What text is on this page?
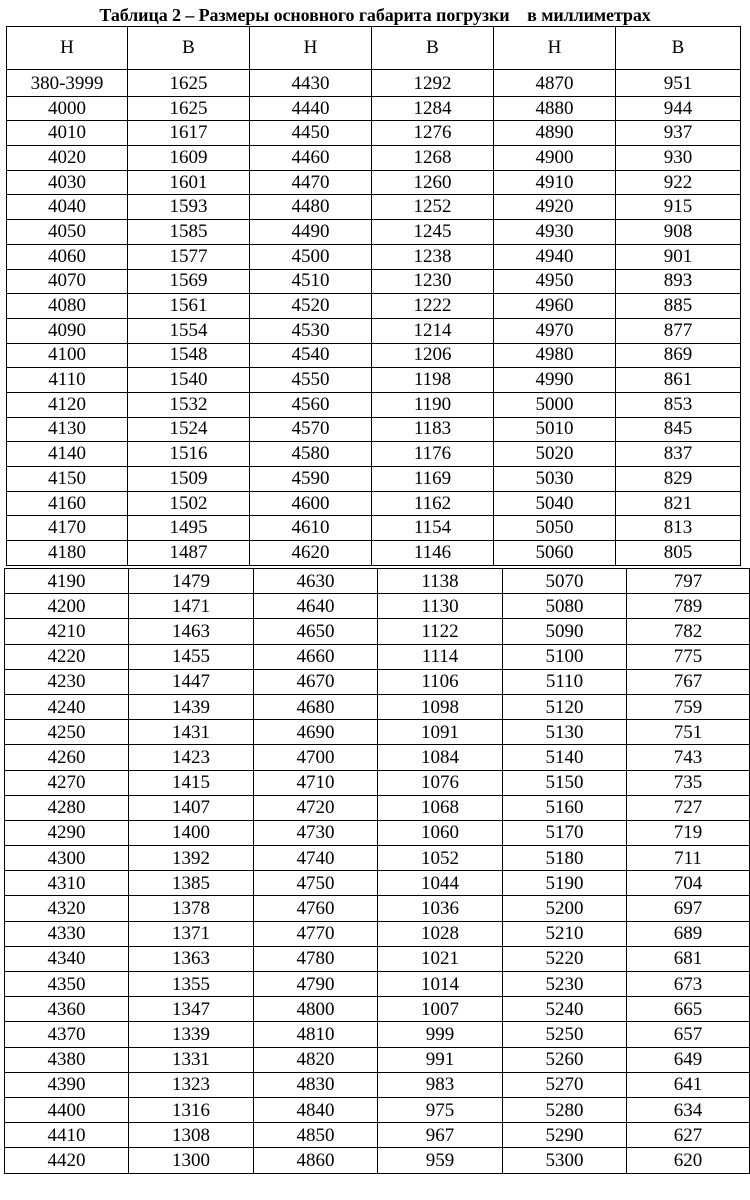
Таблица 2 – Размеры основного габарита погрузки в миллиметрах
Н	В	Н	В	Н	В
380-3999	1625	4430	1292	4870	951
4000	1625	4440	1284	4880	944
4010	1617	4450	1276	4890	937
4020	1609	4460	1268	4900	930
4030	1601	4470	1260	4910	922
4040	1593	4480	1252	4920	915
4050	1585	4490	1245	4930	908
4060	1577	4500	1238	4940	901
4070	1569	4510	1230	4950	893
4080	1561	4520	1222	4960	885
4090	1554	4530	1214	4970	877
4100	1548	4540	1206	4980	869
4110	1540	4550	1198	4990	861
4120	1532	4560	1190	5000	853
4130	1524	4570	1183	5010	845
4140	1516	4580	1176	5020	837
4150	1509	4590	1169	5030	829
4160	1502	4600	1162	5040	821
4170	1495	4610	1154	5050	813
4180	1487	4620	1146	5060	805
4190	1479	4630	1138	5070	797
4200	1471	4640	1130	5080	789
4210	1463	4650	1122	5090	782
4220	1455	4660	1114	5100	775
4230	1447	4670	1106	5110	767
4240	1439	4680	1098	5120	759
4250	1431	4690	1091	5130	751
4260	1423	4700	1084	5140	743
4270	1415	4710	1076	5150	735
4280	1407	4720	1068	5160	727
4290	1400	4730	1060	5170	719
4300	1392	4740	1052	5180	711
4310	1385	4750	1044	5190	704
4320	1378	4760	1036	5200	697
4330	1371	4770	1028	5210	689
4340	1363	4780	1021	5220	681
4350	1355	4790	1014	5230	673
4360	1347	4800	1007	5240	665
4370	1339	4810	999	5250	657
4380	1331	4820	991	5260	649
4390	1323	4830	983	5270	641
4400	1316	4840	975	5280	634
4410	1308	4850	967	5290	627
4420	1300	4860	959	5300	620
